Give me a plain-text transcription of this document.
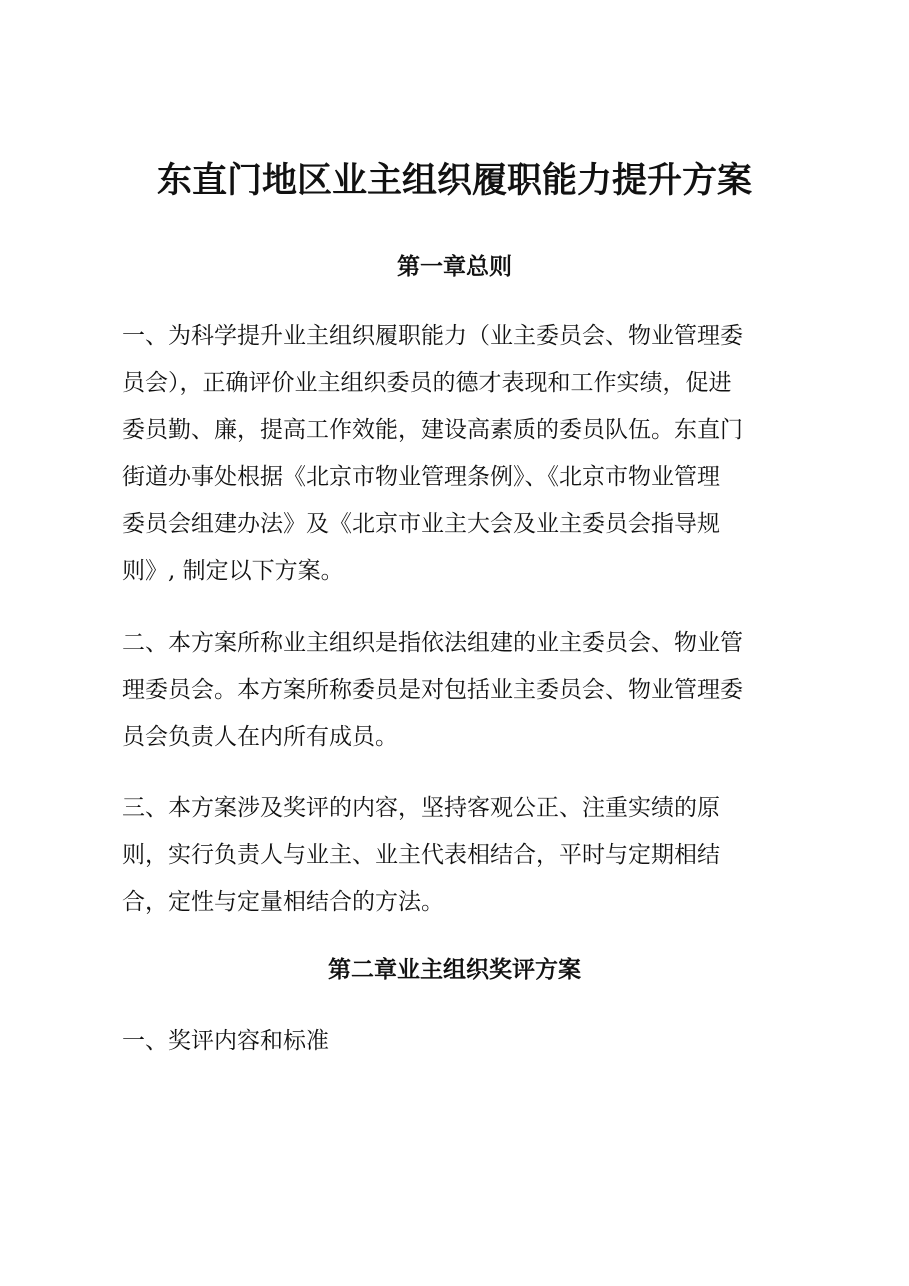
东直门地区业主组织履职能力提升方案
第一章总则
一、为科学提升业主组织履职能力（业主委员会、物业管理委
员会），正确评价业主组织委员的德才表现和工作实绩，促进
委员勤、廉，提高工作效能，建设高素质的委员队伍。东直门
街道办事处根据《北京市物业管理条例》、《北京市物业管理
委员会组建办法》及《北京市业主大会及业主委员会指导规
则》, 制定以下方案。
二、本方案所称业主组织是指依法组建的业主委员会、物业管
理委员会。本方案所称委员是对包括业主委员会、物业管理委
员会负责人在内所有成员。
三、本方案涉及奖评的内容，坚持客观公正、注重实绩的原
则，实行负责人与业主、业主代表相结合，平时与定期相结
合，定性与定量相结合的方法。
第二章业主组织奖评方案
一、奖评内容和标准
